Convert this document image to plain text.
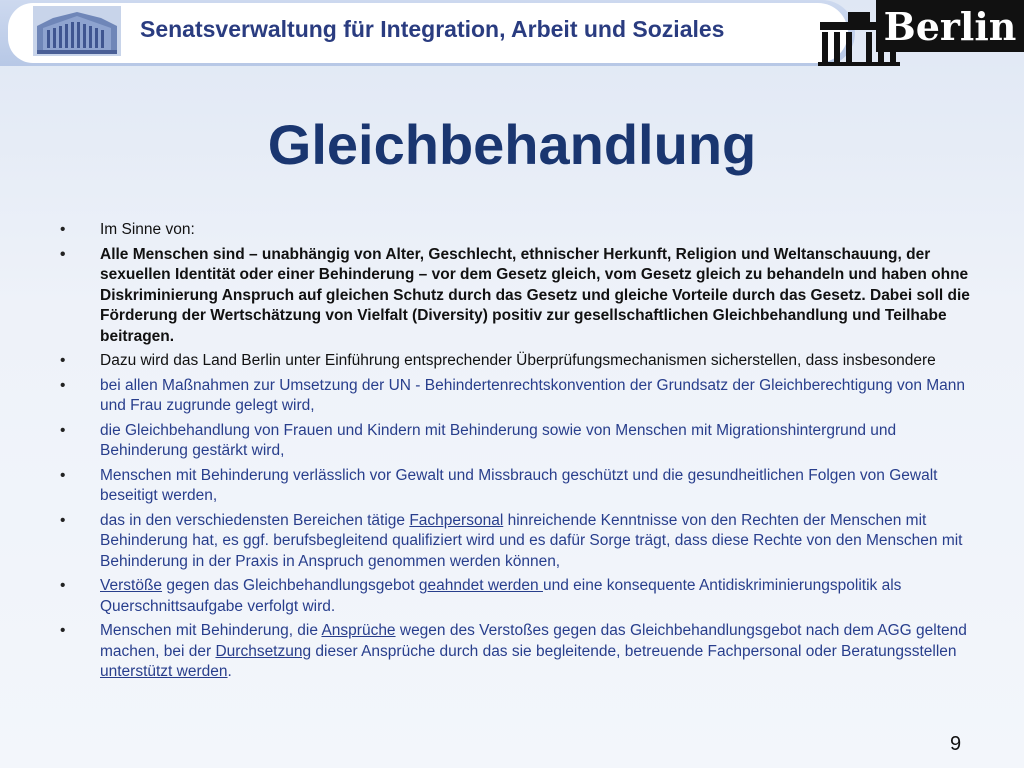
Senatsverwaltung für Integration, Arbeit und Soziales	Berlin
Gleichbehandlung
• Im Sinne von:
• Alle Menschen sind – unabhängig von Alter, Geschlecht, ethnischer Herkunft, Religion und Weltanschauung, der sexuellen Identität oder einer Behinderung – vor dem Gesetz gleich, vom Gesetz gleich zu behandeln und haben ohne Diskriminierung Anspruch auf gleichen Schutz durch das Gesetz und gleiche Vorteile durch das Gesetz. Dabei soll die Förderung der Wertschätzung von Vielfalt (Diversity) positiv zur gesellschaftlichen Gleichbehandlung und Teilhabe beitragen.
• Dazu wird das Land Berlin unter Einführung entsprechender Überprüfungsmechanismen sicherstellen, dass insbesondere
• bei allen Maßnahmen zur Umsetzung der UN - Behindertenrechtskonvention der Grundsatz der Gleichberechtigung von Mann und Frau zugrunde gelegt wird,
• die Gleichbehandlung von Frauen und Kindern mit Behinderung sowie von Menschen mit Migrationshintergrund und Behinderung gestärkt wird,
• Menschen mit Behinderung verlässlich vor Gewalt und Missbrauch geschützt und die gesundheitlichen Folgen von Gewalt beseitigt werden,
• das in den verschiedensten Bereichen tätige Fachpersonal hinreichende Kenntnisse von den Rechten der Menschen mit Behinderung hat, es ggf. berufsbegleitend qualifiziert wird und es dafür Sorge trägt, dass diese Rechte von den Menschen mit Behinderung in der Praxis in Anspruch genommen werden können,
• Verstöße gegen das Gleichbehandlungsgebot geahndet werden und eine konsequente Antidiskriminierungspolitik als Querschnittsaufgabe verfolgt wird.
• Menschen mit Behinderung, die Ansprüche wegen des Verstoßes gegen das Gleichbehandlungsgebot nach dem AGG geltend machen, bei der Durchsetzung dieser Ansprüche durch das sie begleitende, betreuende Fachpersonal oder Beratungsstellen unterstützt werden.
9
